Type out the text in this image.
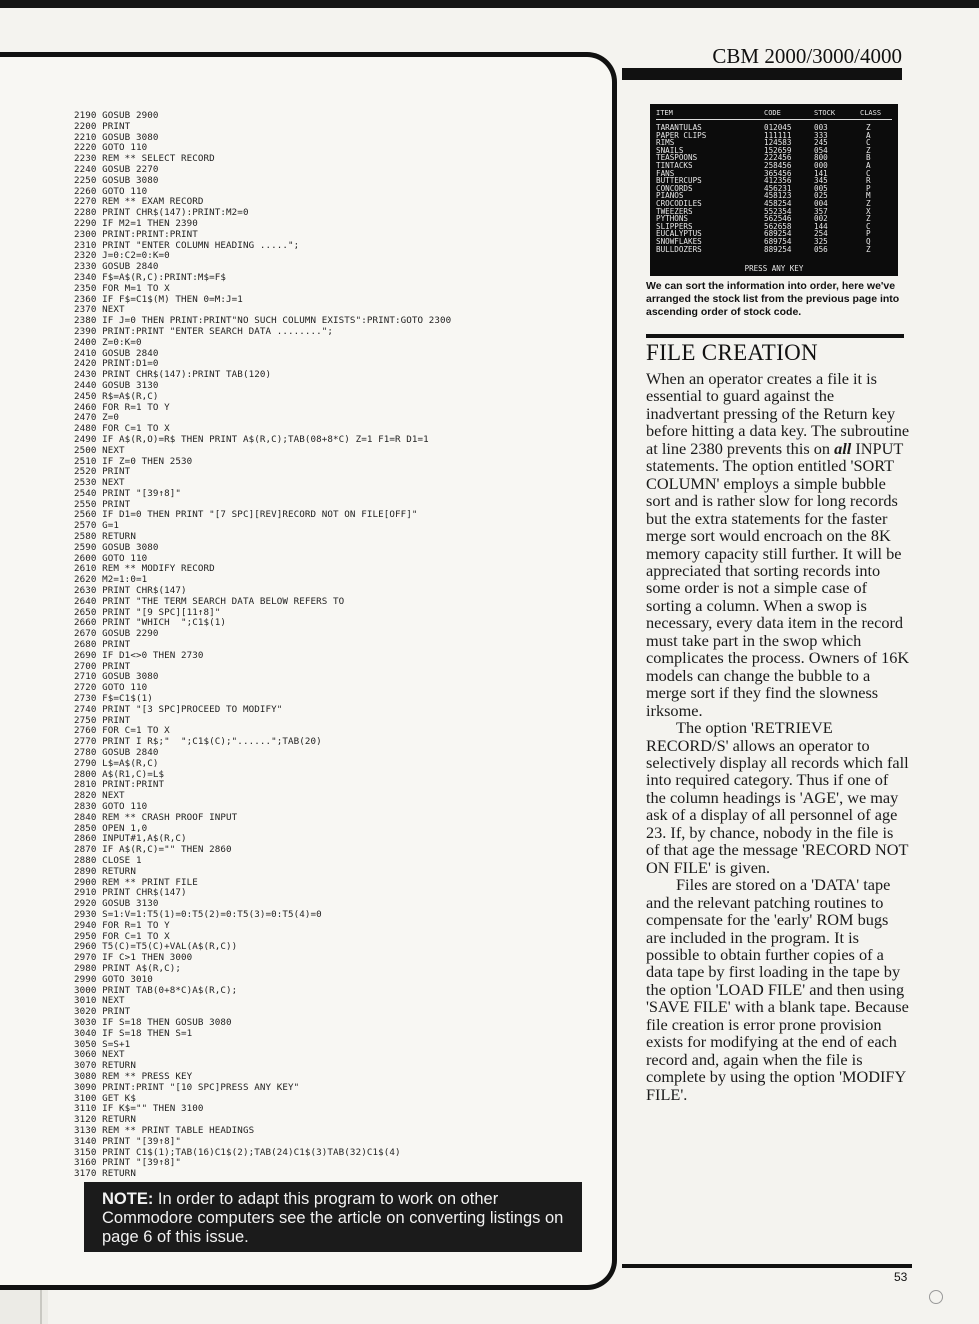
2190 GOSUB 2900
2200 PRINT
2210 GOSUB 3080
2220 GOTO 110
2230 REM ** SELECT RECORD
2240 GOSUB 2270
2250 GOSUB 3080
2260 GOTO 110
2270 REM ** EXAM RECORD
2280 PRINT CHR$(147):PRINT:M2=0
2290 IF M2=1 THEN 2390
2300 PRINT:PRINT:PRINT
2310 PRINT "ENTER COLUMN HEADING .....";
2320 J=0:C2=0:K=0
2330 GOSUB 2840
2340 F$=A$(R,C):PRINT:M$=F$
2350 FOR M=1 TO X
2360 IF F$=C1$(M) THEN 0=M:J=1
2370 NEXT
2380 IF J=0 THEN PRINT:PRINT"NO SUCH COLUMN EXISTS":PRINT:GOTO 2300
2390 PRINT:PRINT "ENTER SEARCH DATA ........";
2400 Z=0:K=0
2410 GOSUB 2840
2420 PRINT:D1=0
2430 PRINT CHR$(147):PRINT TAB(120)
2440 GOSUB 3130
2450 R$=A$(R,C)
2460 FOR R=1 TO Y
2470 Z=0
2480 FOR C=1 TO X
2490 IF A$(R,O)=R$ THEN PRINT A$(R,C);TAB(08+8*C) Z=1 F1=R D1=1
2500 NEXT
2510 IF Z=0 THEN 2530
2520 PRINT
2530 NEXT
2540 PRINT "[39↑8]"
2550 PRINT
2560 IF D1=0 THEN PRINT "[7 SPC][REV]RECORD NOT ON FILE[OFF]"
2570 G=1
2580 RETURN
2590 GOSUB 3080
2600 GOTO 110
2610 REM ** MODIFY RECORD
2620 M2=1:0=1
2630 PRINT CHR$(147)
2640 PRINT "THE TERM SEARCH DATA BELOW REFERS TO
2650 PRINT "[9 SPC][11↑8]"
2660 PRINT "WHICH  ";C1$(1)
2670 GOSUB 2290
2680 PRINT
2690 IF D1<>0 THEN 2730
2700 PRINT
2710 GOSUB 3080
2720 GOTO 110
2730 F$=C1$(1)
2740 PRINT "[3 SPC]PROCEED TO MODIFY"
2750 PRINT
2760 FOR C=1 TO X
2770 PRINT I R$;"  ";C1$(C);"......";TAB(20)
2780 GOSUB 2840
2790 L$=A$(R,C)
2800 A$(R1,C)=L$
2810 PRINT:PRINT
2820 NEXT
2830 GOTO 110
2840 REM ** CRASH PROOF INPUT
2850 OPEN 1,0
2860 INPUT#1,A$(R,C)
2870 IF A$(R,C)="" THEN 2860
2880 CLOSE 1
2890 RETURN
2900 REM ** PRINT FILE
2910 PRINT CHR$(147)
2920 GOSUB 3130
2930 S=1:V=1:T5(1)=0:T5(2)=0:T5(3)=0:T5(4)=0
2940 FOR R=1 TO Y
2950 FOR C=1 TO X
2960 T5(C)=T5(C)+VAL(A$(R,C))
2970 IF C>1 THEN 3000
2980 PRINT A$(R,C);
2990 GOTO 3010
3000 PRINT TAB(0+8*C)A$(R,C);
3010 NEXT
3020 PRINT
3030 IF S=18 THEN GOSUB 3080
3040 IF S=18 THEN S=1
3050 S=S+1
3060 NEXT
3070 RETURN
3080 REM ** PRESS KEY
3090 PRINT:PRINT "[10 SPC]PRESS ANY KEY"
3100 GET K$
3110 IF K$="" THEN 3100
3120 RETURN
3130 REM ** PRINT TABLE HEADINGS
3140 PRINT "[39↑8]"
3150 PRINT C1$(1);TAB(16)C1$(2);TAB(24)C1$(3)TAB(32)C1$(4)
3160 PRINT "[39↑8]"
3170 RETURN
NOTE: In order to adapt this program to work on other Commodore computers see the article on converting listings on page 6 of this issue.
CBM 2000/3000/4000
ITEM	CODE	STOCK	CLASS
TARANTULAS	012045	003	Z
PAPER CLIPS	111111	333	A
RIMS	124583	245	C
SNAILS	152659	054	Z
TEASPOONS	222456	800	B
TINTACKS	258456	000	A
FANS	365456	141	C
BUTTERCUPS	412356	345	R
CONCORDS	456231	005	P
PIANOS	458123	025	M
CROCODILES	458254	004	Z
TWEEZERS	552354	357	X
PYTHONS	562546	002	Z
SLIPPERS	562658	144	C
EUCALYPTUS	689254	254	P
SNOWFLAKES	689754	325	Q
BULLDOZERS	889254	056	Z
PRESS ANY KEY
We can sort the information into order, here we've arranged the stock list from the previous page into ascending order of stock code.
FILE CREATION

When an operator creates a file it is essential to guard against the inadvertant pressing of the Return key before hitting a data key. The subroutine at line 2380 prevents this on all INPUT statements. The option entitled 'SORT COLUMN' employs a simple bubble sort and is rather slow for long records but the extra statements for the faster merge sort would encroach on the 8K memory capacity still further. It will be appreciated that sorting records into some order is not a simple case of sorting a column. When a swop is necessary, every data item in the record must take part in the swop which complicates the process. Owners of 16K models can change the bubble to a merge sort if they find the slowness irksome.

The option 'RETRIEVE RECORD/S' allows an operator to selectively display all records which fall into required category. Thus if one of the column headings is 'AGE', we may ask of a display of all personnel of age 23. If, by chance, nobody in the file is of that age the message 'RECORD NOT ON FILE' is given.

Files are stored on a 'DATA' tape and the relevant patching routines to compensate for the 'early' ROM bugs are included in the program. It is possible to obtain further copies of a data tape by first loading in the tape by the option 'LOAD FILE' and then using 'SAVE FILE' with a blank tape. Because file creation is error prone provision exists for modifying at the end of each record and, again when the file is complete by using the option 'MODIFY FILE'.

53
